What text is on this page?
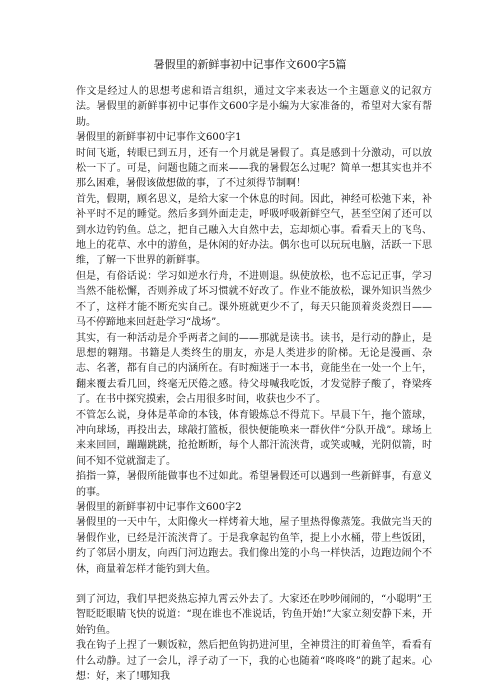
暑假里的新鲜事初中记事作文600字5篇

作文是经过人的思想考虑和语言组织，通过文字来表达一个主题意义的记叙方法。暑假里的新鲜事初中记事作文600字是小编为大家准备的，希望对大家有帮助。

暑假里的新鲜事初中记事作文600字1

时间飞逝，转眼已到五月，还有一个月就是暑假了。真是感到十分激动，可以放松一下了。可是，问题也随之而来——我的暑假怎么过呢？简单一想其实也并不那么困难，暑假该做想做的事，了不过须得节制啊！

首先，假期，顾名思义，是给大家一个休息的时间。因此，神经可松弛下来，补补平时不足的睡觉。然后多到外面走走，呼吸呼吸新鲜空气，甚至空闲了还可以到水边钓钓鱼。总之，把自己融入大自然中去，忘却烦心事。看看天上的飞鸟、地上的花草、水中的游鱼，是休闲的好办法。偶尔也可以玩玩电脑，活跃一下思维，了解一下世界的新鲜事。

但是，有俗话说：学习如逆水行舟，不进则退。纵使放松，也不忘记正事，学习当然不能松懈，否则养成了坏习惯就不好改了。作业不能放松，课外知识当然少不了，这样才能不断充实自己。课外班就更少不了，每天只能顶着炎炎烈日——马不停蹄地来回赶赴学习“战场”。

其实，有一种活动是介乎两者之间的——那就是读书。读书，是行动的静止，是思想的翱翔。书籍是人类终生的朋友，亦是人类进步的阶梯。无论是漫画、杂志、名著，都有自己的内涵所在。有时痴迷于一本书，竟能坐在一处一个上午，翻来覆去看几回，终毫无厌倦之感。待父母喊我吃饭，才发觉脖子酸了，脊梁疼了。在书中探究摸索，会占用很多时间，收获也少不了。

不管怎么说，身体是革命的本钱，体育锻炼总不得荒下。早晨下午，拖个篮球，冲向球场，再投出去，球敲打篮板，很快便能唤来一群伙伴“分队开战”。球场上来来回回，蹦蹦跳跳，抢抢断断，每个人都汗流浃背，或笑或喊，光阴似箭，时间不知不觉就溜走了。

掐指一算，暑假所能做事也不过如此。希望暑假还可以遇到一些新鲜事，有意义的事。

暑假里的新鲜事初中记事作文600字2

暑假里的一天中午，太阳像火一样烤着大地，屋子里热得像蒸笼。我做完当天的暑假作业，已经是汗流浃背了。于是我拿起钓鱼竿，提上小水桶，带上些饭团，约了邻居小朋友，向西门河边跑去。我们像出笼的小鸟一样快活，边跑边闹个不休，商量着怎样才能钓到大鱼。

到了河边，我们早把炎热忘掉九霄云外去了。大家还在吵吵闹闹的，“小聪明”王智眨眨眼睛飞快的说道：“现在谁也不准说话，钓鱼开始!”大家立刻安静下来，开始钓鱼。

我在钩子上捏了一颗饭粒，然后把鱼钩扔进河里，全神贯注的盯着鱼竿，看看有什么动静。过了一会儿，浮子动了一下，我的心也随着“咚咚咚”的跳了起来。心想：好，来了!哪知我
